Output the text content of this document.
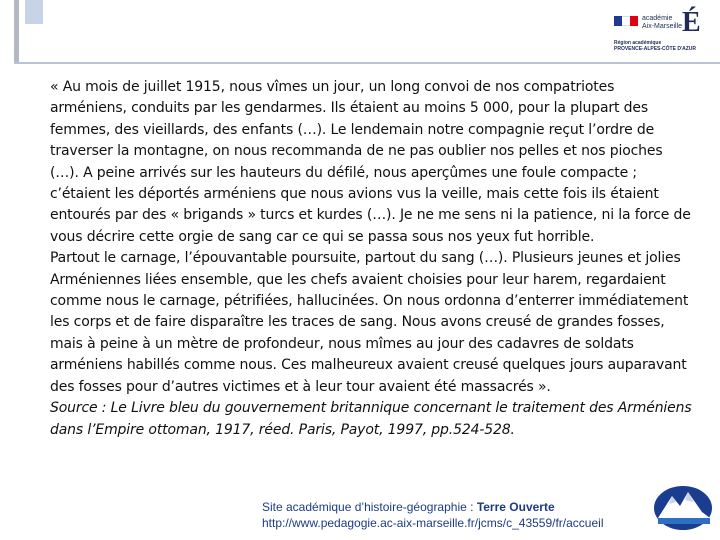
académie
Aix-Marseille É
Région académique
PROVENCE-ALPES-CÔTE D'AZUR

« Au mois de juillet 1915, nous vîmes un jour, un long convoi de nos compatriotes arméniens, conduits par les gendarmes. Ils étaient au moins 5 000, pour la plupart des femmes, des vieillards, des enfants (…). Le lendemain notre compagnie reçut l’ordre de traverser la montagne, on nous recommanda de ne pas oublier nos pelles et nos pioches (…). A peine arrivés sur les hauteurs du défilé, nous aperçûmes une foule compacte ; c’étaient les déportés arméniens que nous avions vus la veille, mais cette fois ils étaient entourés par des « brigands » turcs et kurdes (…). Je ne me sens ni la patience, ni la force de vous décrire cette orgie de sang car ce qui se passa sous nos yeux fut horrible.

Partout le carnage, l’épouvantable poursuite, partout du sang (…). Plusieurs jeunes et jolies Arméniennes liées ensemble, que les chefs avaient choisies pour leur harem, regardaient comme nous le carnage, pétrifiées, hallucinées. On nous ordonna d’enterrer immédiatement les corps et de faire disparaître les traces de sang. Nous avons creusé de grandes fosses, mais à peine à un mètre de profondeur, nous mîmes au jour des cadavres de soldats arméniens habillés comme nous. Ces malheureux avaient creusé quelques jours auparavant des fosses pour d’autres victimes et à leur tour avaient été massacrés ».

Source : Le Livre bleu du gouvernement britannique concernant le traitement des Arméniens dans l’Empire ottoman, 1917, réed. Paris, Payot, 1997, pp.524-528.

Site académique d’histoire-géographie : Terre Ouverte
http://www.pedagogie.ac-aix-marseille.fr/jcms/c_43559/fr/accueil
